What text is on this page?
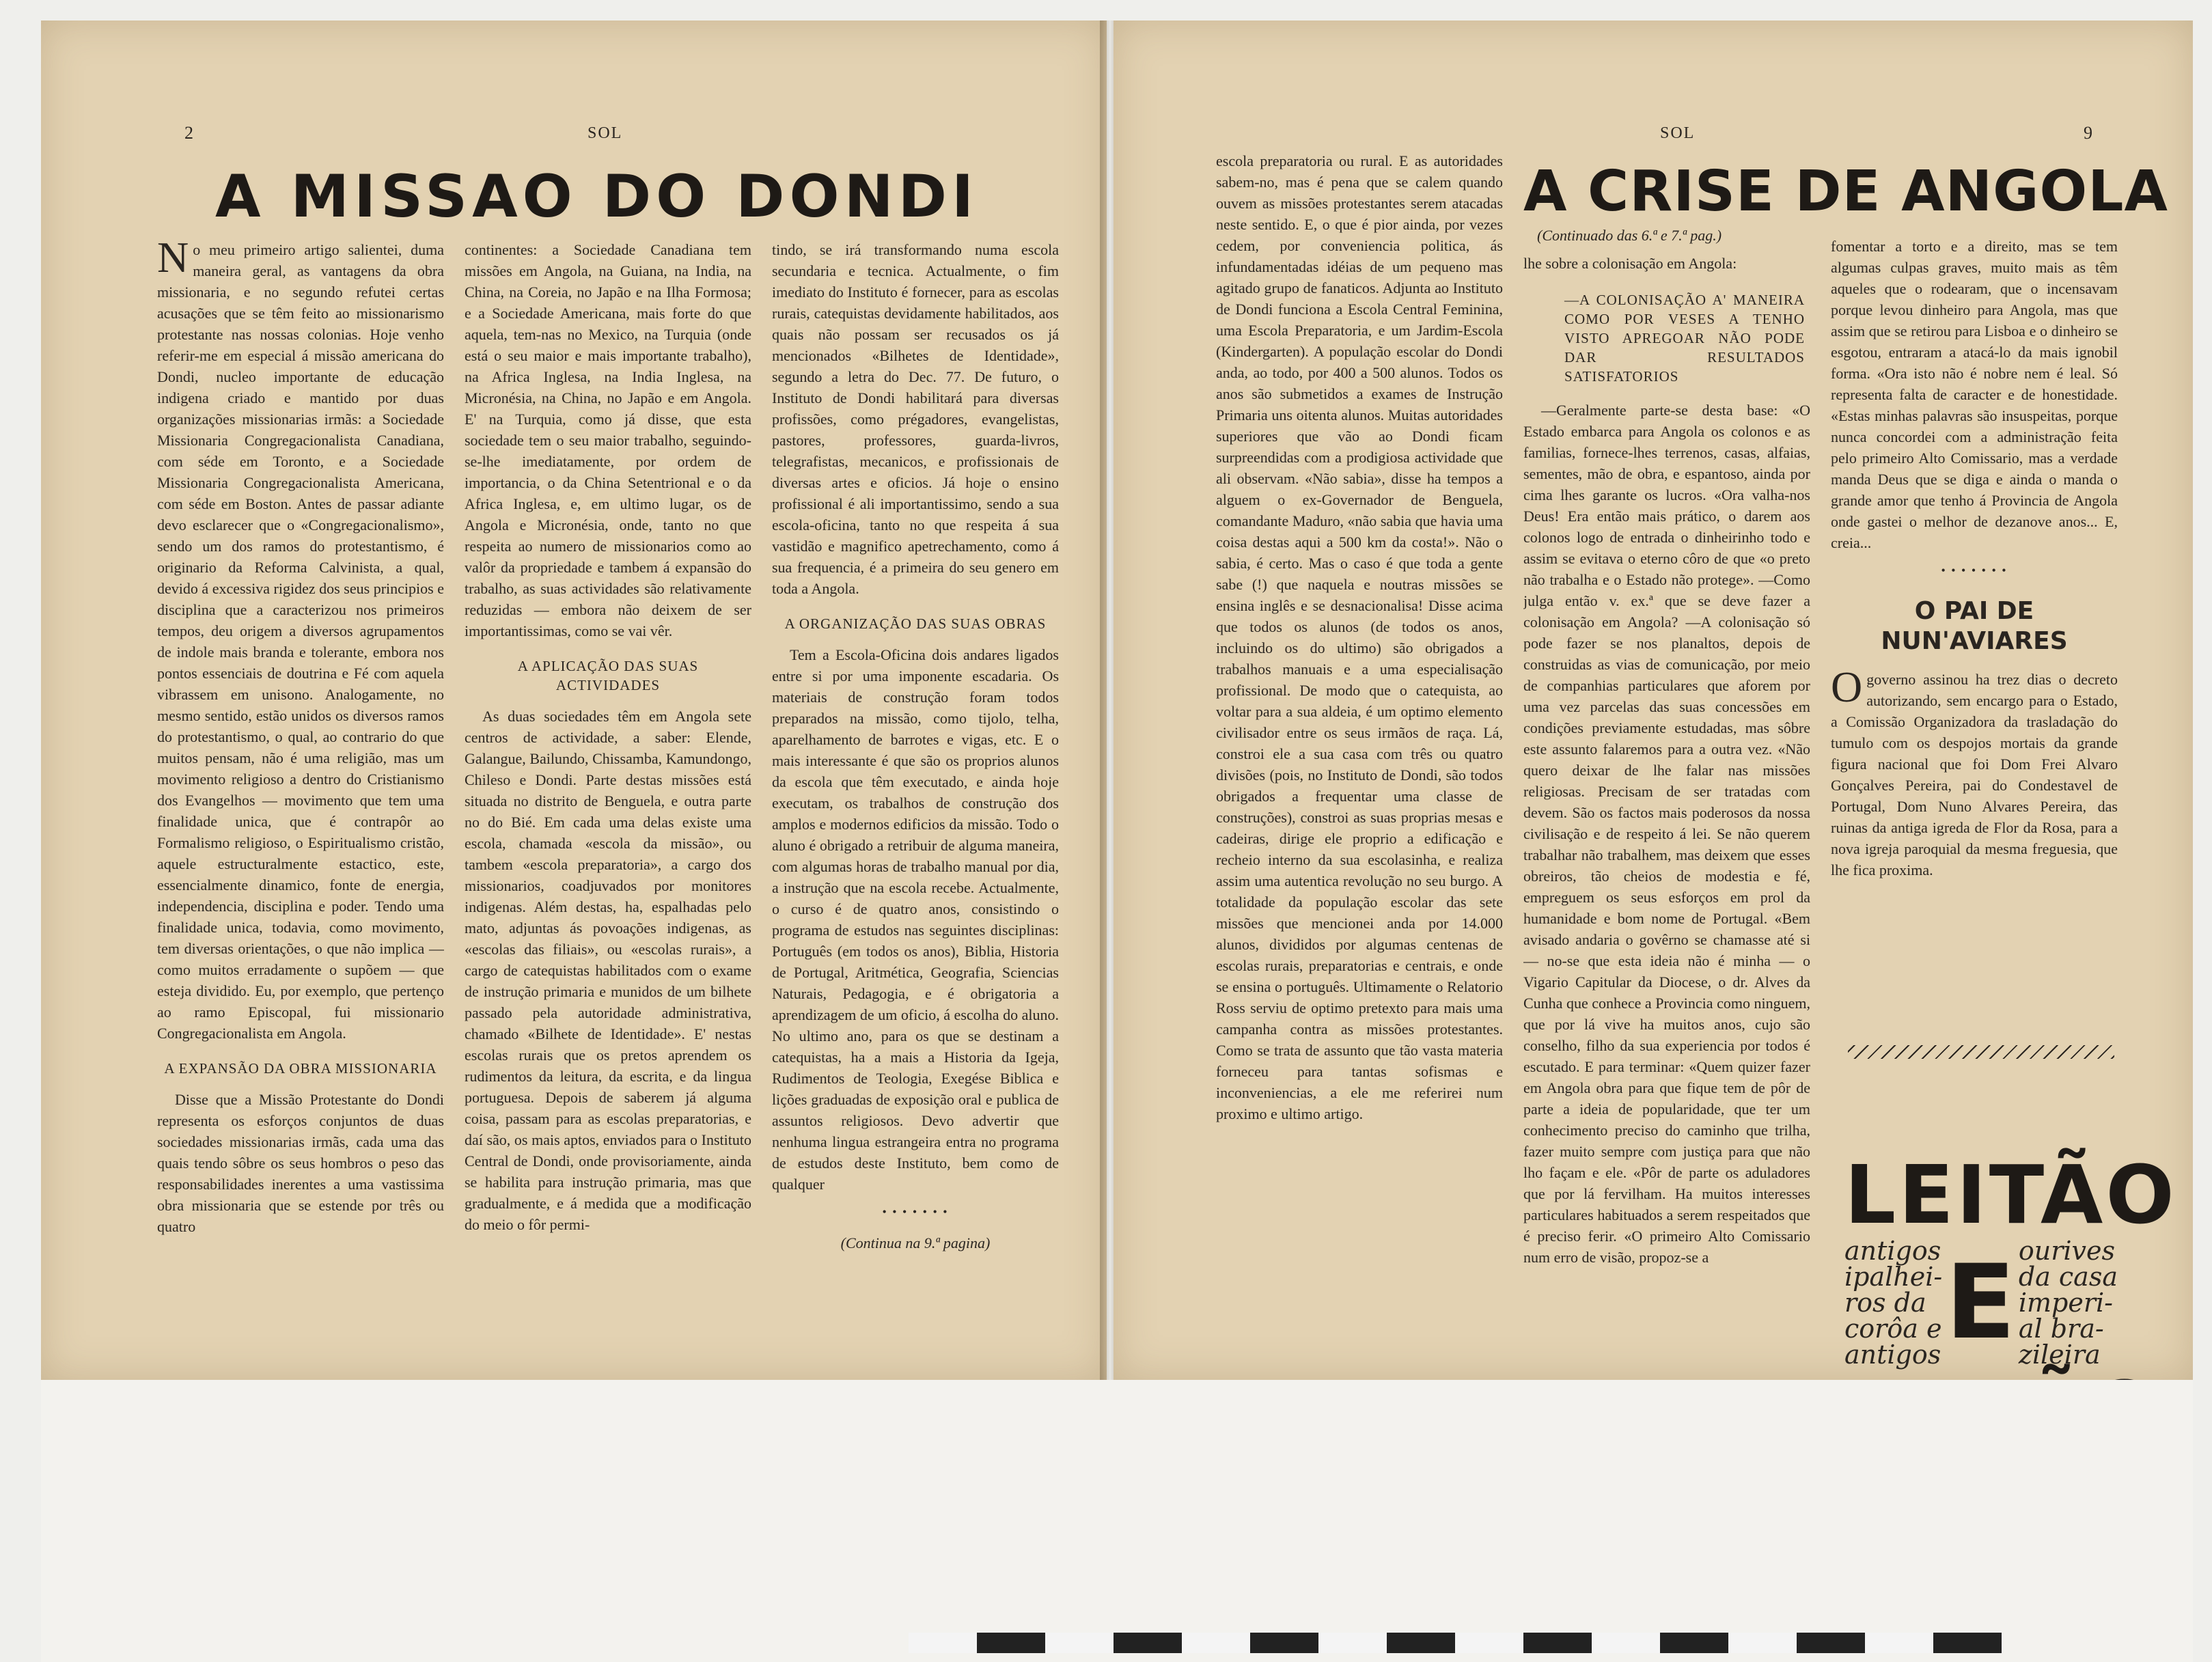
2	SOL
A MISSAO DO DONDI

No meu primeiro artigo salientei, duma maneira geral, as vantagens da obra missionaria, e no segundo refutei certas acusações que se têm feito ao missionarismo protestante nas nossas colonias. Hoje venho referir-me em especial á missão americana do Dondi, nucleo importante de educação indigena criado e mantido por duas organizações missionarias irmãs: a Sociedade Missionaria Congregacionalista Canadiana, com séde em Toronto, e a Sociedade Missionaria Congregacionalista Americana, com séde em Boston. Antes de passar adiante devo esclarecer que o «Congregacionalismo», sendo um dos ramos do protestantismo, é originario da Reforma Calvinista, a qual, devido á excessiva rigidez dos seus principios e disciplina que a caracterizou nos primeiros tempos, deu origem a diversos agrupamentos de indole mais branda e tolerante, embora nos pontos essenciais de doutrina e Fé com aquela vibrassem em unisono. Analogamente, no mesmo sentido, estão unidos os diversos ramos do protestantismo, o qual, ao contrario do que muitos pensam, não é uma religião, mas um movimento religioso a dentro do Cristianismo dos Evangelhos — movimento que tem uma finalidade unica, que é contrapôr ao Formalismo religioso, o Espiritualismo cristão, aquele estructuralmente estactico, este, essencialmente dinamico, fonte de energia, independencia, disciplina e poder. Tendo uma finalidade unica, todavia, como movimento, tem diversas orientações, o que não implica — como muitos erradamente o supõem — que esteja dividido. Eu, por exemplo, que pertenço ao ramo Episcopal, fui missionario Congregacionalista em Angola.

A EXPANSÃO DA OBRA MISSIONARIA

Disse que a Missão Protestante do Dondi representa os esforços conjuntos de duas sociedades missionarias irmãs, cada uma das quais tendo sôbre os seus hombros o peso das responsabilidades inerentes a uma vastissima obra missionaria que se estende por três ou quatro

continentes: a Sociedade Canadiana tem missões em Angola, na Guiana, na India, na China, na Coreia, no Japão e na Ilha Formosa; e a Sociedade Americana, mais forte do que aquela, tem-nas no Mexico, na Turquia (onde está o seu maior e mais importante trabalho), na Africa Inglesa, na India Inglesa, na Micronésia, na China, no Japão e em Angola. E' na Turquia, como já disse, que esta sociedade tem o seu maior trabalho, seguindo-se-lhe imediatamente, por ordem de importancia, o da China Setentrional e o da Africa Inglesa, e, em ultimo lugar, os de Angola e Micronésia, onde, tanto no que respeita ao numero de missionarios como ao valôr da propriedade e tambem á expansão do trabalho, as suas actividades são relativamente reduzidas — embora não deixem de ser importantissimas, como se vai vêr.

A APLICAÇÃO DAS SUAS ACTIVIDADES

As duas sociedades têm em Angola sete centros de actividade, a saber: Elende, Galangue, Bailundo, Chissamba, Kamundongo, Chileso e Dondi. Parte destas missões está situada no distrito de Benguela, e outra parte no do Bié. Em cada uma delas existe uma escola, chamada «escola da missão», ou tambem «escola preparatoria», a cargo dos missionarios, coadjuvados por monitores indigenas. Além destas, ha, espalhadas pelo mato, adjuntas ás povoações indigenas, as «escolas das filiais», ou «escolas rurais», a cargo de catequistas habilitados com o exame de instrução primaria e munidos de um bilhete passado pela autoridade administrativa, chamado «Bilhete de Identidade». E' nestas escolas rurais que os pretos aprendem os rudimentos da leitura, da escrita, e da lingua portuguesa. Depois de saberem já alguma coisa, passam para as escolas preparatorias, e daí são, os mais aptos, enviados para o Instituto Central de Dondi, onde provisoriamente, ainda se habilita para instrução primaria, mas que gradualmente, e á medida que a modificação do meio o fôr permi-

tindo, se irá transformando numa escola secundaria e tecnica. Actualmente, o fim imediato do Instituto é fornecer, para as escolas rurais, catequistas devidamente habilitados, aos quais não possam ser recusados os já mencionados «Bilhetes de Identidade», segundo a letra do Dec. 77. De futuro, o Instituto de Dondi habilitará para diversas profissões, como prégadores, evangelistas, pastores, professores, guarda-livros, telegrafistas, mecanicos, e profissionais de diversas artes e oficios. Já hoje o ensino profissional é ali importantissimo, sendo a sua escola-oficina, tanto no que respeita á sua vastidão e magnifico apetrechamento, como á sua frequencia, é a primeira do seu genero em toda a Angola.

A ORGANIZAÇÃO DAS SUAS OBRAS

Tem a Escola-Oficina dois andares ligados entre si por uma imponente escadaria. Os materiais de construção foram todos preparados na missão, como tijolo, telha, aparelhamento de barrotes e vigas, etc. E o mais interessante é que são os proprios alunos da escola que têm executado, e ainda hoje executam, os trabalhos de construção dos amplos e modernos edificios da missão. Todo o aluno é obrigado a retribuir de alguma maneira, com algumas horas de trabalho manual por dia, a instrução que na escola recebe. Actualmente, o curso é de quatro anos, consistindo o programa de estudos nas seguintes disciplinas: Português (em todos os anos), Biblia, Historia de Portugal, Aritmética, Geografia, Sciencias Naturais, Pedagogia, e é obrigatoria a aprendizagem de um oficio, á escolha do aluno. No ultimo ano, para os que se destinam a catequistas, ha a mais a Historia da Igeja, Rudimentos de Teologia, Exegése Biblica e lições graduadas de exposição oral e publica de assuntos religiosos. Devo advertir que nenhuma lingua estrangeira entra no programa de estudos deste Instituto, bem como de qualquer

• • • • • • •
(Continua na 9.ª pagina)
SOL	9

escola preparatoria ou rural. E as autoridades sabem-no, mas é pena que se calem quando ouvem as missões protestantes serem atacadas neste sentido. E, o que é pior ainda, por vezes cedem, por conveniencia politica, ás infundamentadas idéias de um pequeno mas agitado grupo de fanaticos. Adjunta ao Instituto de Dondi funciona a Escola Central Feminina, uma Escola Preparatoria, e um Jardim-Escola (Kindergarten). A população escolar do Dondi anda, ao todo, por 400 a 500 alunos. Todos os anos são submetidos a exames de Instrução Primaria uns oitenta alunos. Muitas autoridades superiores que vão ao Dondi ficam surpreendidas com a prodigiosa actividade que ali observam. «Não sabia», disse ha tempos a alguem o ex-Governador de Benguela, comandante Maduro, «não sabia que havia uma coisa destas aqui a 500 km da costa!». Não o sabia, é certo. Mas o caso é que toda a gente sabe (!) que naquela e noutras missões se ensina inglês e se desnacionalisa! Disse acima que todos os alunos (de todos os anos, incluindo os do ultimo) são obrigados a trabalhos manuais e a uma especialisação profissional. De modo que o catequista, ao voltar para a sua aldeia, é um optimo elemento civilisador entre os seus irmãos de raça. Lá, constroi ele a sua casa com três ou quatro divisões (pois, no Instituto de Dondi, são todos obrigados a frequentar uma classe de construções), constroi as suas proprias mesas e cadeiras, dirige ele proprio a edificação e recheio interno da sua escolasinha, e realiza assim uma autentica revolução no seu burgo. A totalidade da população escolar das sete missões que mencionei anda por 14.000 alunos, divididos por algumas centenas de escolas rurais, preparatorias e centrais, e onde se ensina o português. Ultimamente o Relatorio Ross serviu de optimo pretexto para mais uma campanha contra as missões protestantes. Como se trata de assunto que tão vasta materia forneceu para tantas sofismas e inconveniencias, a ele me referirei num proximo e ultimo artigo.

A CRISE DE ANGOLA
(Continuado das 6.ª e 7.ª pag.)

lhe sobre a colonisação em Angola:

—A COLONISAÇÃO A' MANEIRA COMO POR VESES A TENHO VISTO APREGOAR NÃO PODE DAR RESULTADOS SATISFATORIOS

—Geralmente parte-se desta base: «O Estado embarca para Angola os colonos e as familias, fornece-lhes terrenos, casas, alfaias, sementes, mão de obra, e espantoso, ainda por cima lhes garante os lucros. «Ora valha-nos Deus! Era então mais prático, o darem aos colonos logo de entrada o dinheirinho todo e assim se evitava o eterno côro de que «o preto não trabalha e o Estado não protege». —Como julga então v. ex.ª que se deve fazer a colonisação em Angola? —A colonisação só pode fazer se nos planaltos, depois de construidas as vias de comunicação, por meio de companhias particulares que aforem por uma vez parcelas das suas concessões em condições previamente estudadas, mas sôbre este assunto falaremos para a outra vez. «Não quero deixar de lhe falar nas missões religiosas. Precisam de ser tratadas com devem. São os factos mais poderosos da nossa civilisação e de respeito á lei. Se não querem trabalhar não trabalhem, mas deixem que esses obreiros, tão cheios de modestia e fé, empreguem os seus esforços em prol da humanidade e bom nome de Portugal. «Bem avisado andaria o govêrno se chamasse até si — no-se que esta ideia não é minha — o Vigario Capitular da Diocese, o dr. Alves da Cunha que conhece a Provincia como ninguem, que por lá vive ha muitos anos, cujo são conselho, filho da sua experiencia por todos é escutado. E para terminar: «Quem quizer fazer em Angola obra para que fique tem de pôr de parte a ideia de popularidade, que ter um conhecimento preciso do caminho que trilha, fazer muito sempre com justiça para que não lho façam e ele. «Pôr de parte os aduladores que por lá fervilham. Ha muitos interesses particulares habituados a serem respeitados que é preciso ferir. «O primeiro Alto Comissario num erro de visão, propoz-se a

fomentar a torto e a direito, mas se tem algumas culpas graves, muito mais as têm aqueles que o rodearam, que o incensavam porque levou dinheiro para Angola, mas que assim que se retirou para Lisboa e o dinheiro se esgotou, entraram a atacá-lo da mais ignobil forma. «Ora isto não é nobre nem é leal. Só representa falta de caracter e de honestidade. «Estas minhas palavras são insuspeitas, porque nunca concordei com a administração feita pelo primeiro Alto Comissario, mas a verdade manda Deus que se diga e ainda o manda o grande amor que tenho á Provincia de Angola onde gastei o melhor de dezanove anos... E, creia...

• • • • • • •
O PAI DE NUN'AVIARES

Ogoverno assinou ha trez dias o decreto autorizando, sem encargo para o Estado, a Comissão Organizadora da trasladação do tumulo com os despojos mortais da grande figura nacional que foi Dom Frei Alvaro Gonçalves Pereira, pai do Condestavel de Portugal, Dom Nuno Alvares Pereira, das ruinas da antiga igreda de Flor da Rosa, para a nova igreja paroquial da mesma freguesia, que lhe fica proxima.

LEITÃO
antigos
ipalhei-
ros da
corôa e
antigos E ourives
da casa
imperi-
al bra-
zileira
